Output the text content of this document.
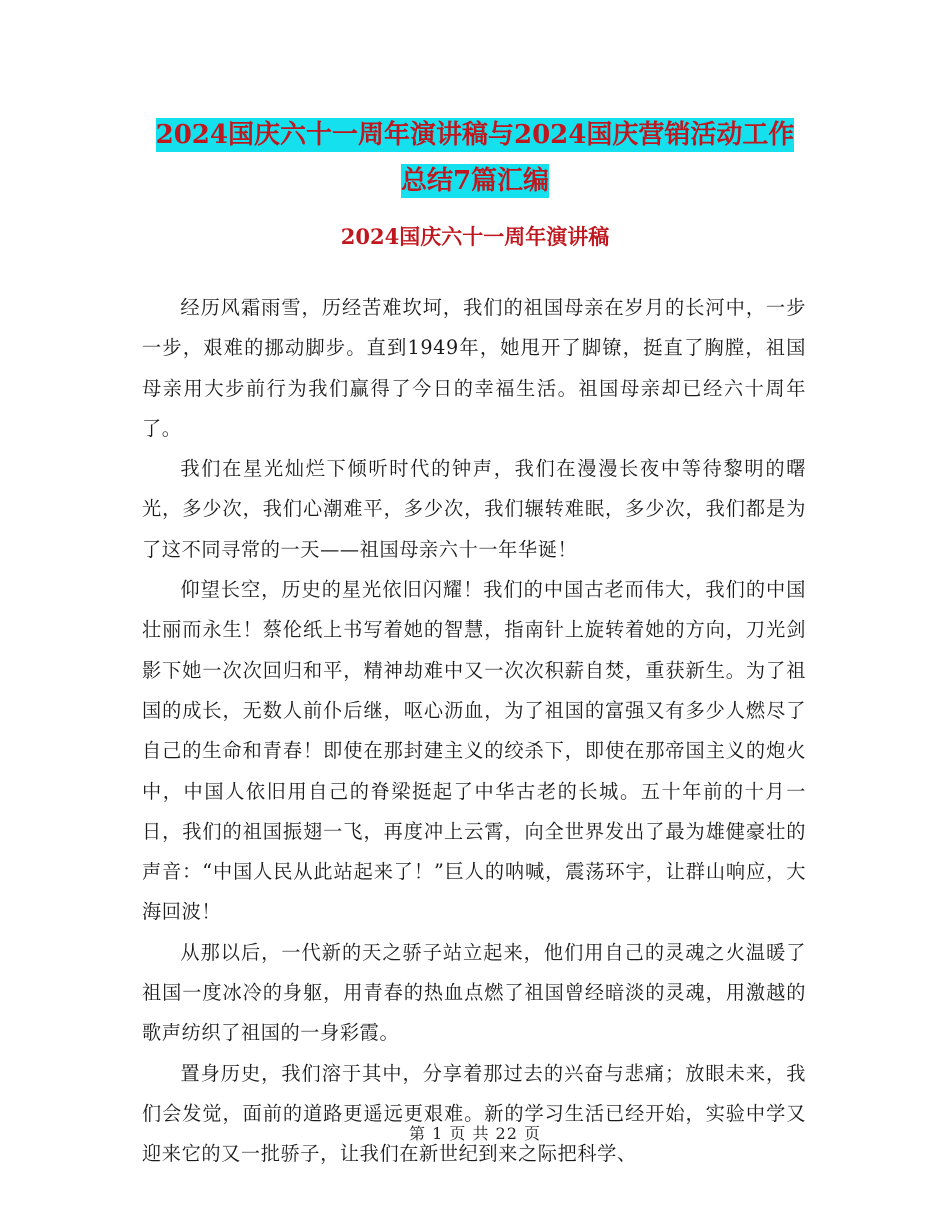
2024国庆六十一周年演讲稿与2024国庆营销活动工作
总结7篇汇编
2024国庆六十一周年演讲稿

经历风霜雨雪，历经苦难坎坷，我们的祖国母亲在岁月的长河中，一步一步，艰难的挪动脚步。直到1949年，她甩开了脚镣，挺直了胸膛，祖国母亲用大步前行为我们赢得了今日的幸福生活。祖国母亲却已经六十周年了。

我们在星光灿烂下倾听时代的钟声，我们在漫漫长夜中等待黎明的曙光，多少次，我们心潮难平，多少次，我们辗转难眠，多少次，我们都是为了这不同寻常的一天——祖国母亲六十一年华诞！

仰望长空，历史的星光依旧闪耀！我们的中国古老而伟大，我们的中国壮丽而永生！蔡伦纸上书写着她的智慧，指南针上旋转着她的方向，刀光剑影下她一次次回归和平，精神劫难中又一次次积薪自焚，重获新生。为了祖国的成长，无数人前仆后继，呕心沥血，为了祖国的富强又有多少人燃尽了自己的生命和青春！即使在那封建主义的绞杀下，即使在那帝国主义的炮火中，中国人依旧用自己的脊梁挺起了中华古老的长城。五十年前的十月一日，我们的祖国振翅一飞，再度冲上云霄，向全世界发出了最为雄健豪壮的声音：“中国人民从此站起来了！”巨人的呐喊，震荡环宇，让群山响应，大海回波！

从那以后，一代新的天之骄子站立起来，他们用自己的灵魂之火温暖了祖国一度冰冷的身躯，用青春的热血点燃了祖国曾经暗淡的灵魂，用激越的歌声纺织了祖国的一身彩霞。

置身历史，我们溶于其中，分享着那过去的兴奋与悲痛；放眼未来，我们会发觉，面前的道路更遥远更艰难。新的学习生活已经开始，实验中学又迎来它的又一批骄子，让我们在新世纪到来之际把科学、

第 1 页 共 22 页
